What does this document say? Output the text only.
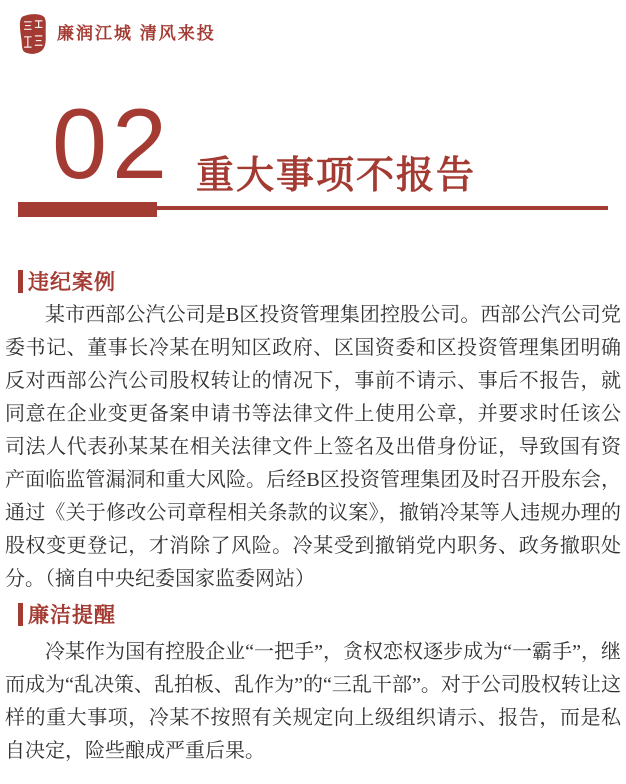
廉润江城 清风来投
02 重大事项不报告
违纪案例

某市西部公汽公司是B区投资管理集团控股公司。西部公汽公司党委书记、董事长冷某在明知区政府、区国资委和区投资管理集团明确反对西部公汽公司股权转让的情况下，事前不请示、事后不报告，就同意在企业变更备案申请书等法律文件上使用公章，并要求时任该公司法人代表孙某某在相关法律文件上签名及出借身份证，导致国有资产面临监管漏洞和重大风险。后经B区投资管理集团及时召开股东会，通过《关于修改公司章程相关条款的议案》，撤销冷某等人违规办理的股权变更登记，才消除了风险。冷某受到撤销党内职务、政务撤职处分。（摘自中央纪委国家监委网站）

廉洁提醒

冷某作为国有控股企业“一把手”，贪权恋权逐步成为“一霸手”，继而成为“乱决策、乱拍板、乱作为”的“三乱干部”。对于公司股权转让这样的重大事项，冷某不按照有关规定向上级组织请示、报告，而是私自决定，险些酿成严重后果。
